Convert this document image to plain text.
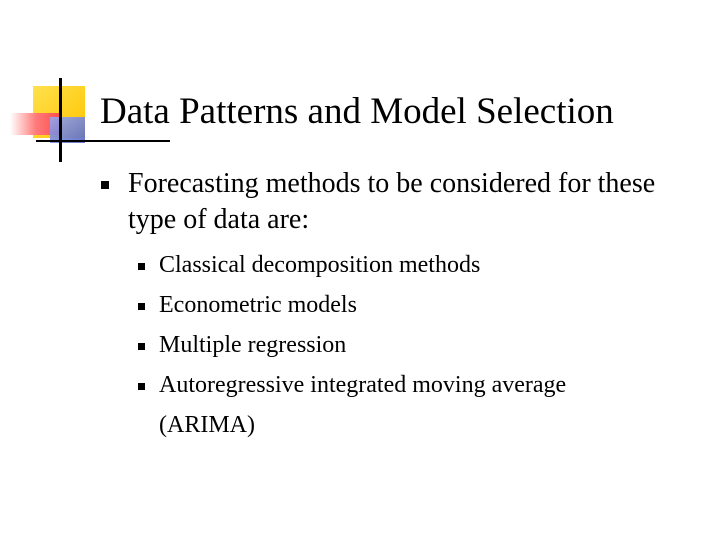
Data Patterns and Model Selection
Forecasting methods to be considered for these type of data are:
Classical decomposition methods
Econometric models
Multiple regression
Autoregressive integrated moving average (ARIMA)
